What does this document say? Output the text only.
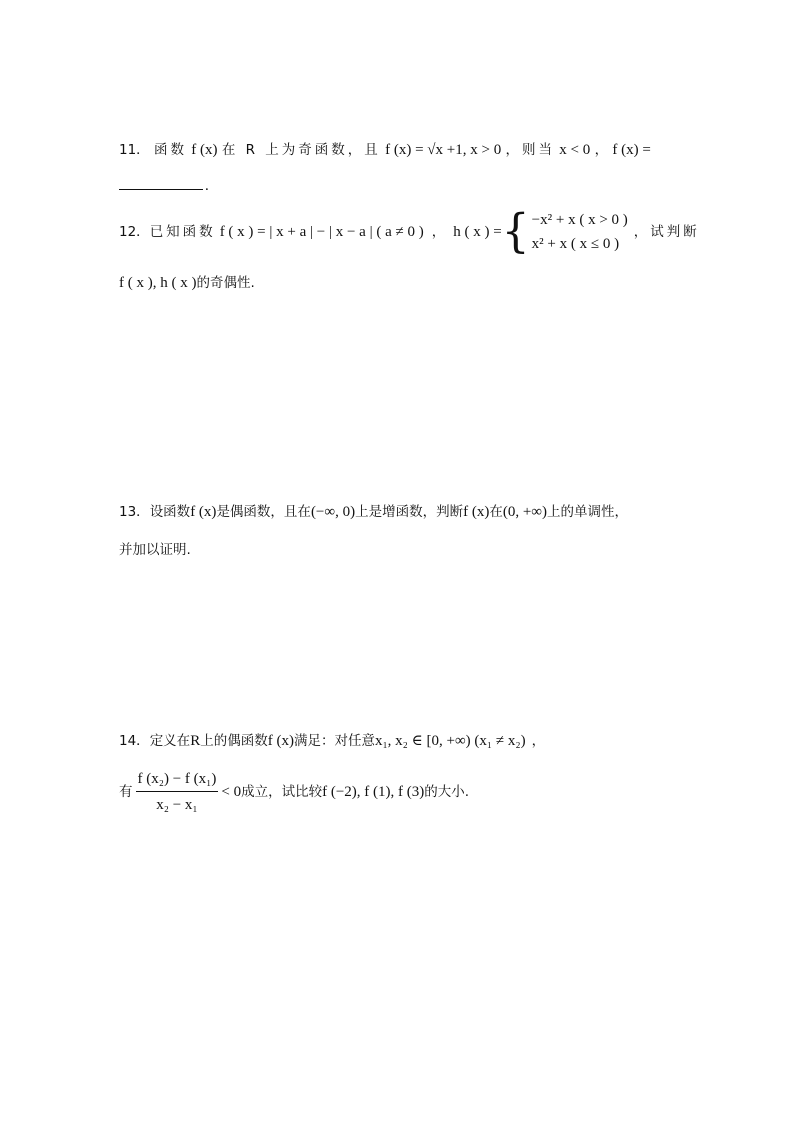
11． 函数 f (x) 在 R 上为奇函数，且 f (x) = √x +1, x > 0 ，则当 x < 0 ， f (x) =
.
12． 已知函数 f ( x ) = | x + a | − | x − a | ( a ≠ 0 ) ， h ( x ) = { −x² + x ( x > 0 )
x² + x ( x ≤ 0 )
，试判断
f ( x ), h ( x )的奇偶性.
13．设函数f (x)是偶函数，且在(−∞, 0)上是增函数，判断f (x)在(0, +∞)上的单调性，
并加以证明.
14．定义在R上的偶函数f (x)满足：对任意x₁, x₂ ∈ [0, +∞) (x₁ ≠ x₂) ，
有 $\frac{\text{f (x₂) − f (x₁)}}{\text{x₂ − x₁}} < 0$ 成立，试比较 f (−2), f (1), f (3) 的大小.
